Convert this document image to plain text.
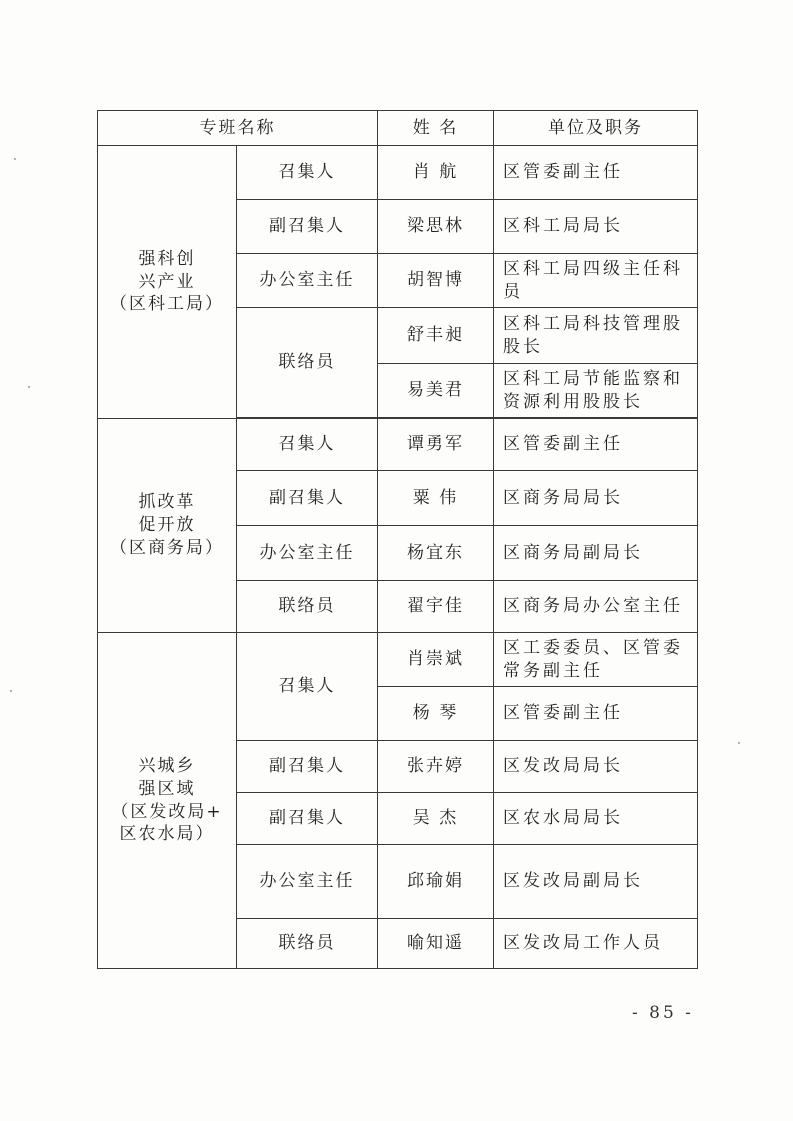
专班名称		姓 名	单位及职务

强科创
兴产业
（区科工局）	召集人	肖 航	区管委副主任
	副召集人	梁思林	区科工局局长
	办公室主任	胡智博	区科工局四级主任科员
	联络员	舒丰昶	区科工局科技管理股股长
		易美君	区科工局节能监察和资源利用股股长

抓改革
促开放
（区商务局）	召集人	谭勇军	区管委副主任
	副召集人	粟 伟	区商务局局长
	办公室主任	杨宜东	区商务局副局长
	联络员	翟宇佳	区商务局办公室主任

兴城乡
强区域
（区发改局+
区农水局）	召集人	肖崇斌	区工委委员、区管委常务副主任
		杨 琴	区管委副主任
	副召集人	张卉婷	区发改局局长
	副召集人	吴 杰	区农水局局长
	办公室主任	邱瑜娟	区发改局副局长
	联络员	喻知遥	区发改局工作人员
- 85 -
